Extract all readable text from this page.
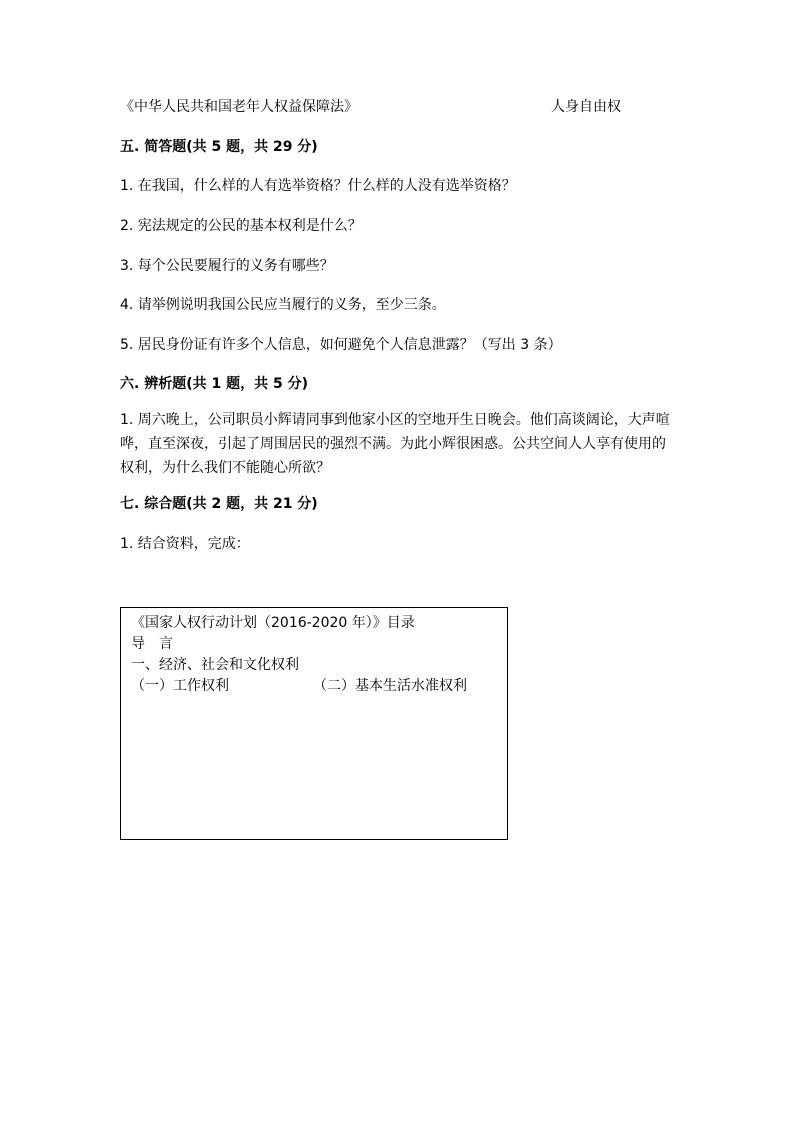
《中华人民共和国老年人权益保障法》	人身自由权
五. 简答题(共 5 题，共 29 分)
1. 在我国，什么样的人有选举资格？什么样的人没有选举资格？
2. 宪法规定的公民的基本权利是什么？
3. 每个公民要履行的义务有哪些？
4. 请举例说明我国公民应当履行的义务，至少三条。
5. 居民身份证有许多个人信息，如何避免个人信息泄露？（写出 3 条）
六. 辨析题(共 1 题，共 5 分)
1. 周六晚上，公司职员小辉请同事到他家小区的空地开生日晚会。他们高谈阔论，大声喧哗，直至深夜，引起了周围居民的强烈不满。为此小辉很困惑。公共空间人人享有使用的权利，为什么我们不能随心所欲？
七. 综合题(共 2 题，共 21 分)
1. 结合资料，完成：
《国家人权行动计划（2016-2020 年）》目录
导　言
一、经济、社会和文化权利
（一）工作权利	（二）基本生活水准权利
